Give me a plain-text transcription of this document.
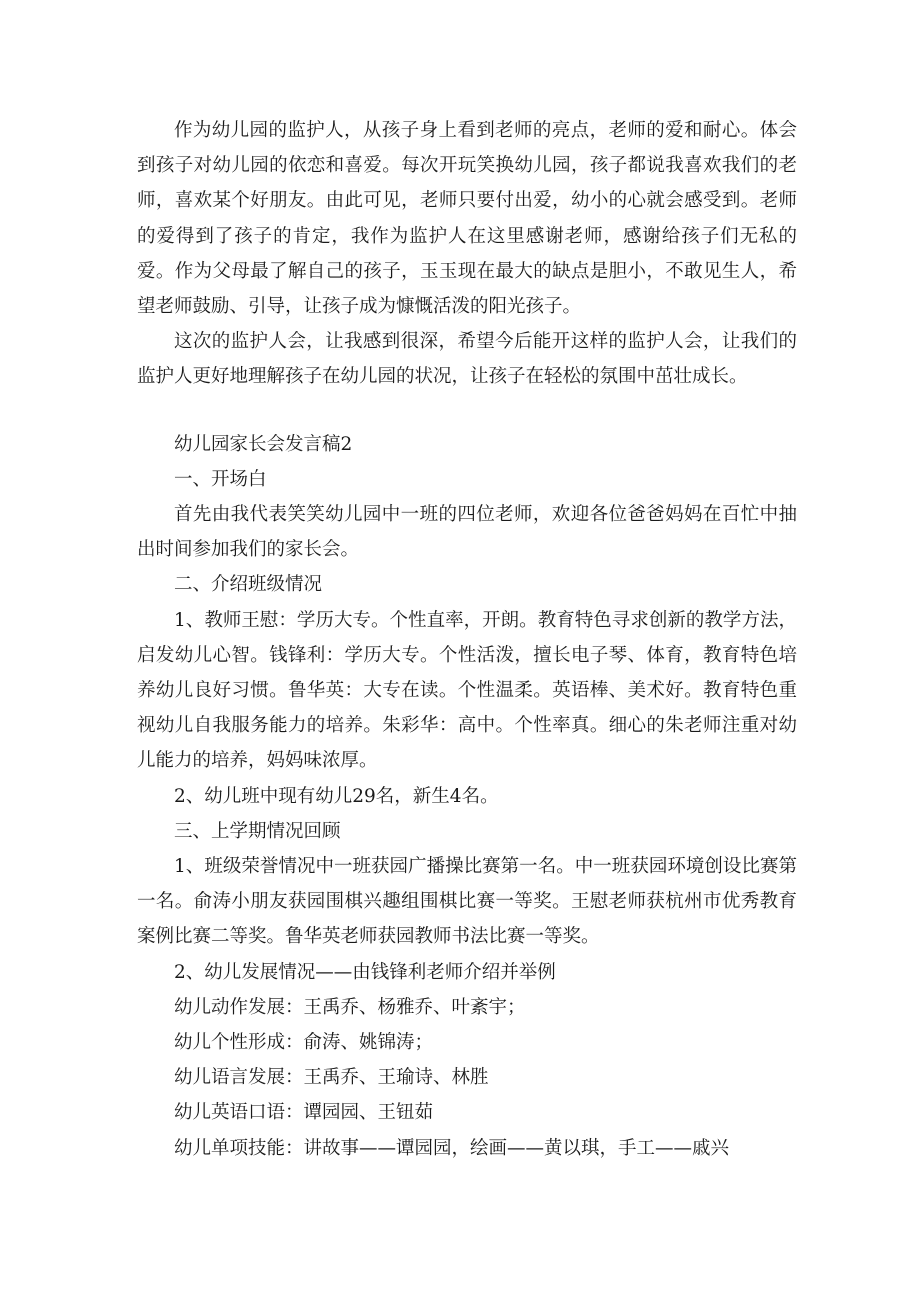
作为幼儿园的监护人，从孩子身上看到老师的亮点，老师的爱和耐心。体会到孩子对幼儿园的依恋和喜爱。每次开玩笑换幼儿园，孩子都说我喜欢我们的老师，喜欢某个好朋友。由此可见，老师只要付出爱，幼小的心就会感受到。老师的爱得到了孩子的肯定，我作为监护人在这里感谢老师，感谢给孩子们无私的爱。作为父母最了解自己的孩子，玉玉现在最大的缺点是胆小，不敢见生人，希望老师鼓励、引导，让孩子成为慷慨活泼的阳光孩子。

这次的监护人会，让我感到很深，希望今后能开这样的监护人会，让我们的监护人更好地理解孩子在幼儿园的状况，让孩子在轻松的氛围中茁壮成长。

幼儿园家长会发言稿2

一、开场白

首先由我代表笑笑幼儿园中一班的四位老师，欢迎各位爸爸妈妈在百忙中抽出时间参加我们的家长会。

二、介绍班级情况

1、教师王慰：学历大专。个性直率，开朗。教育特色寻求创新的教学方法，启发幼儿心智。钱锋利：学历大专。个性活泼，擅长电子琴、体育，教育特色培养幼儿良好习惯。鲁华英：大专在读。个性温柔。英语棒、美术好。教育特色重视幼儿自我服务能力的培养。朱彩华：高中。个性率真。细心的朱老师注重对幼儿能力的培养，妈妈味浓厚。

2、幼儿班中现有幼儿29名，新生4名。

三、上学期情况回顾

1、班级荣誉情况中一班获园广播操比赛第一名。中一班获园环境创设比赛第一名。俞涛小朋友获园围棋兴趣组围棋比赛一等奖。王慰老师获杭州市优秀教育案例比赛二等奖。鲁华英老师获园教师书法比赛一等奖。

2、幼儿发展情况——由钱锋利老师介绍并举例

幼儿动作发展：王禹乔、杨雅乔、叶紊宇；

幼儿个性形成：俞涛、姚锦涛；

幼儿语言发展：王禹乔、王瑜诗、林胜

幼儿英语口语：谭园园、王钮茹

幼儿单项技能：讲故事——谭园园，绘画——黄以琪，手工——戚兴
